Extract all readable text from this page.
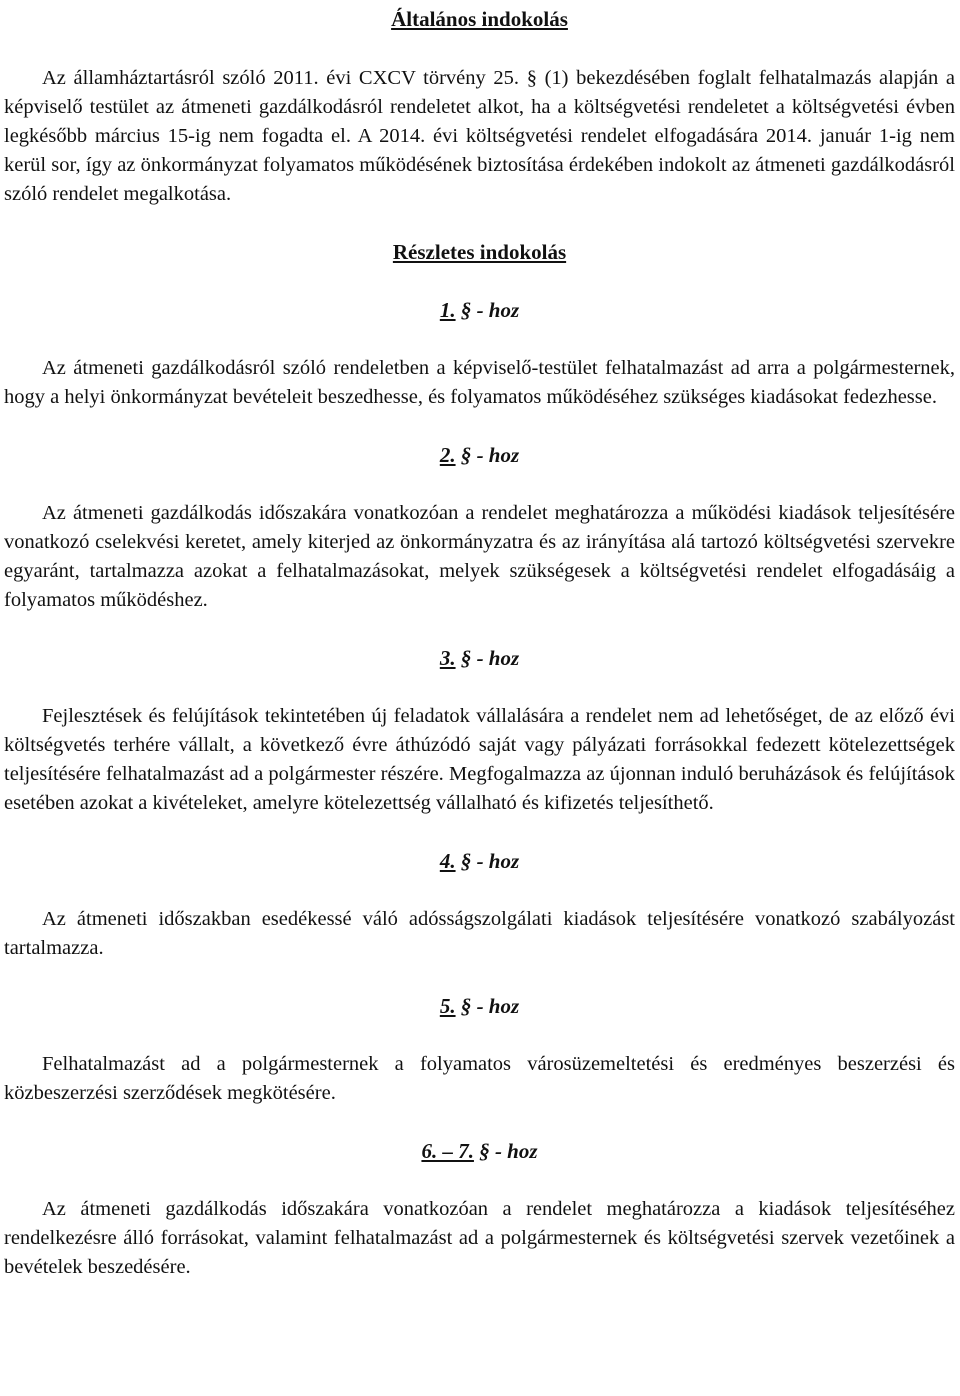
Általános indokolás

Az államháztartásról szóló 2011. évi CXCV törvény 25. § (1) bekezdésében foglalt felhatalmazás alapján a képviselő testület az átmeneti gazdálkodásról rendeletet alkot, ha a költségvetési rendeletet a költségvetési évben legkésőbb március 15-ig nem fogadta el. A 2014. évi költségvetési rendelet elfogadására 2014. január 1-ig nem kerül sor, így az önkormányzat folyamatos működésének biztosítása érdekében indokolt az átmeneti gazdálkodásról szóló rendelet megalkotása.

Részletes indokolás
1. § - hoz

Az átmeneti gazdálkodásról szóló rendeletben a képviselő-testület felhatalmazást ad arra a polgármesternek, hogy a helyi önkormányzat bevételeit beszedhesse, és folyamatos működéséhez szükséges kiadásokat fedezhesse.

2. § - hoz

Az átmeneti gazdálkodás időszakára vonatkozóan a rendelet meghatározza a működési kiadások teljesítésére vonatkozó cselekvési keretet, amely kiterjed az önkormányzatra és az irányítása alá tartozó költségvetési szervekre egyaránt, tartalmazza azokat a felhatalmazásokat, melyek szükségesek a költségvetési rendelet elfogadásáig a folyamatos működéshez.

3. § - hoz

Fejlesztések és felújítások tekintetében új feladatok vállalására a rendelet nem ad lehetőséget, de az előző évi költségvetés terhére vállalt, a következő évre áthúzódó saját vagy pályázati forrásokkal fedezett kötelezettségek teljesítésére felhatalmazást ad a polgármester részére. Megfogalmazza az újonnan induló beruházások és felújítások esetében azokat a kivételeket, amelyre kötelezettség vállalható és kifizetés teljesíthető.

4. § - hoz

Az átmeneti időszakban esedékessé váló adósságszolgálati kiadások teljesítésére vonatkozó szabályozást tartalmazza.

5. § - hoz

Felhatalmazást ad a polgármesternek a folyamatos városüzemeltetési és eredményes beszerzési és közbeszerzési szerződések megkötésére.

6. – 7. § - hoz

Az átmeneti gazdálkodás időszakára vonatkozóan a rendelet meghatározza a kiadások teljesítéséhez rendelkezésre álló forrásokat, valamint felhatalmazást ad a polgármesternek és költségvetési szervek vezetőinek a bevételek beszedésére.
